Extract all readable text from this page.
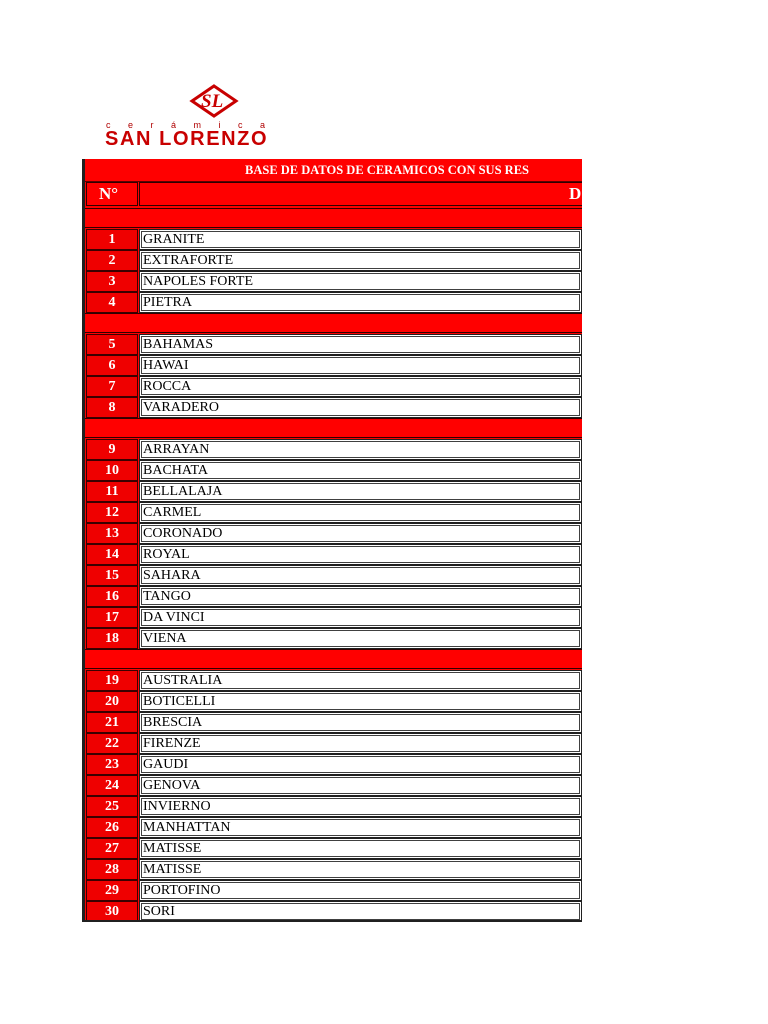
SL
cerámica
SAN LORENZO
BASE DE DATOS DE CERAMICOS CON SUS RES
N°	D
1	GRANITE
2	EXTRAFORTE
3	NAPOLES FORTE
4	PIETRA
5	BAHAMAS
6	HAWAI
7	ROCCA
8	VARADERO
9	ARRAYAN
10	BACHATA
11	BELLALAJA
12	CARMEL
13	CORONADO
14	ROYAL
15	SAHARA
16	TANGO
17	DA VINCI
18	VIENA
19	AUSTRALIA
20	BOTICELLI
21	BRESCIA
22	FIRENZE
23	GAUDI
24	GENOVA
25	INVIERNO
26	MANHATTAN
27	MATISSE
28	MATISSE
29	PORTOFINO
30	SORI
